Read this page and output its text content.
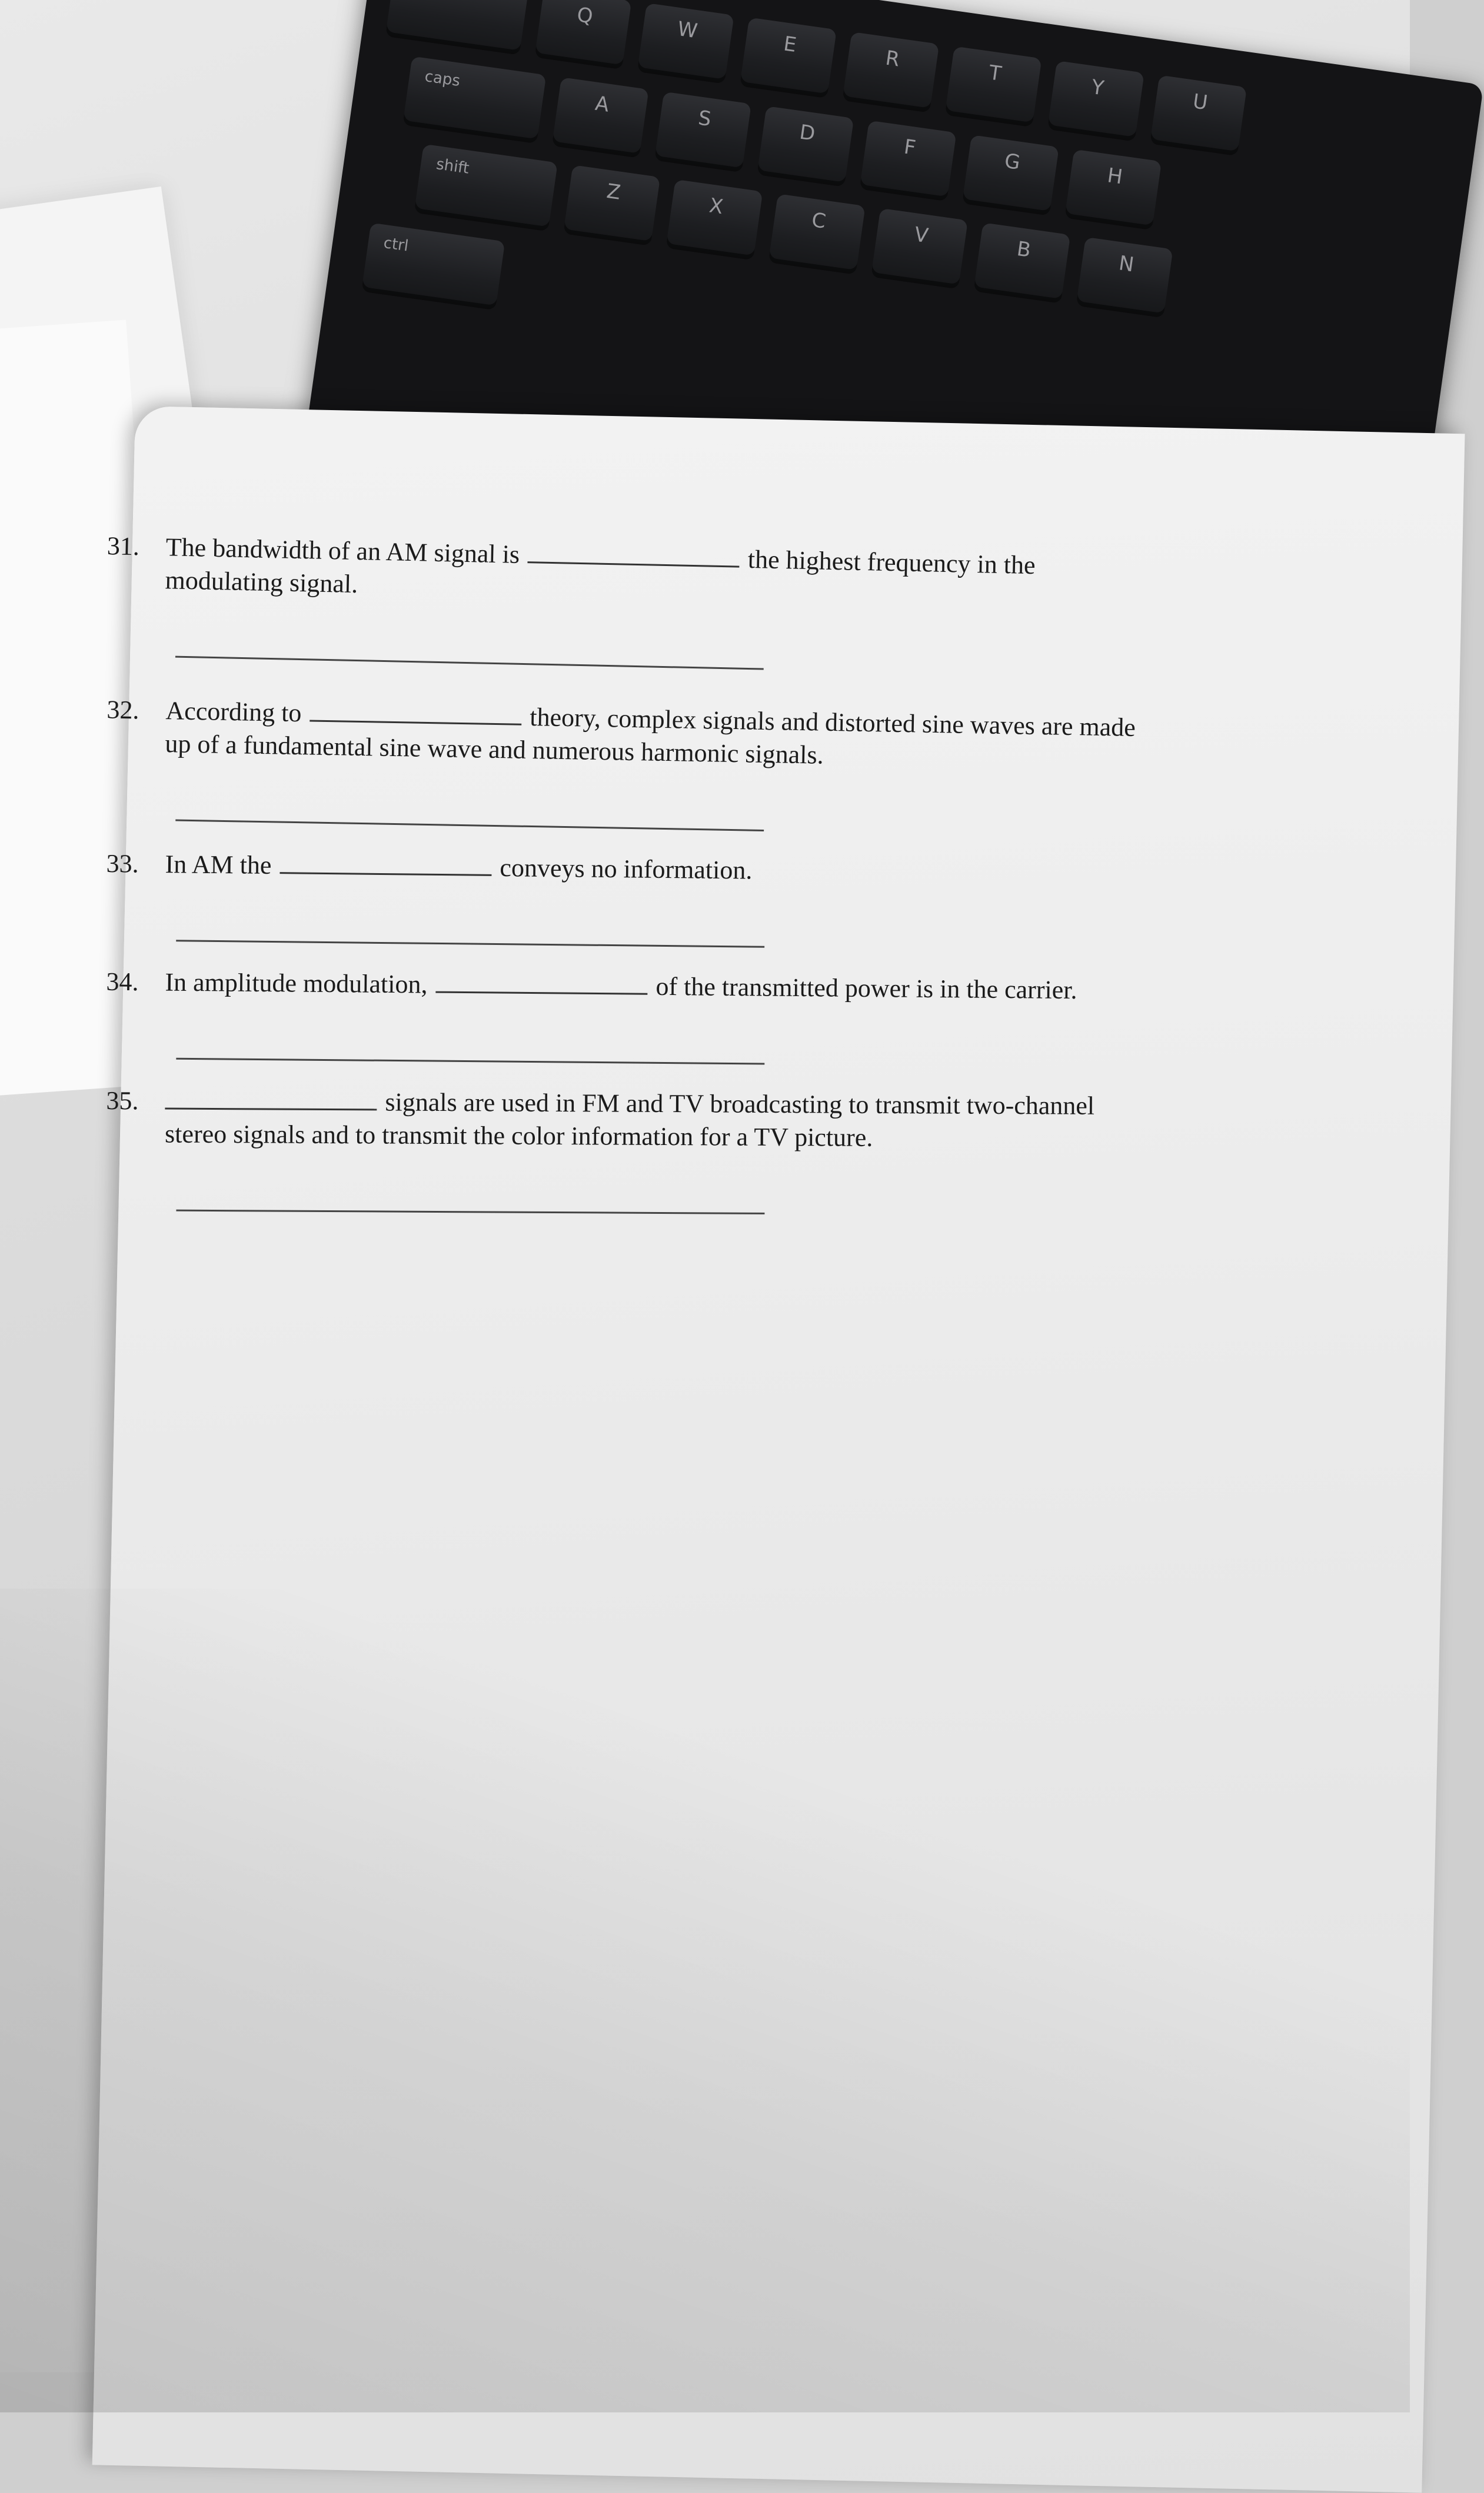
Q
W
E
R
T
Y
U
caps
A
S
D
F
G
H
shift
Z
X
C
V
B
N
ctrl
31. The bandwidth of an AM signal is	the highest frequency in the
modulating signal.
32.	According to	theory, complex signals and distorted sine waves are made
up of a fundamental sine wave and numerous harmonic signals.
33.	In AM the	conveys no information.
34.	In amplitude modulation,	of the transmitted power is in the carrier.
35.	signals are used in FM and TV broadcasting to transmit two-channel
stereo signals and to transmit the color information for a TV picture.
